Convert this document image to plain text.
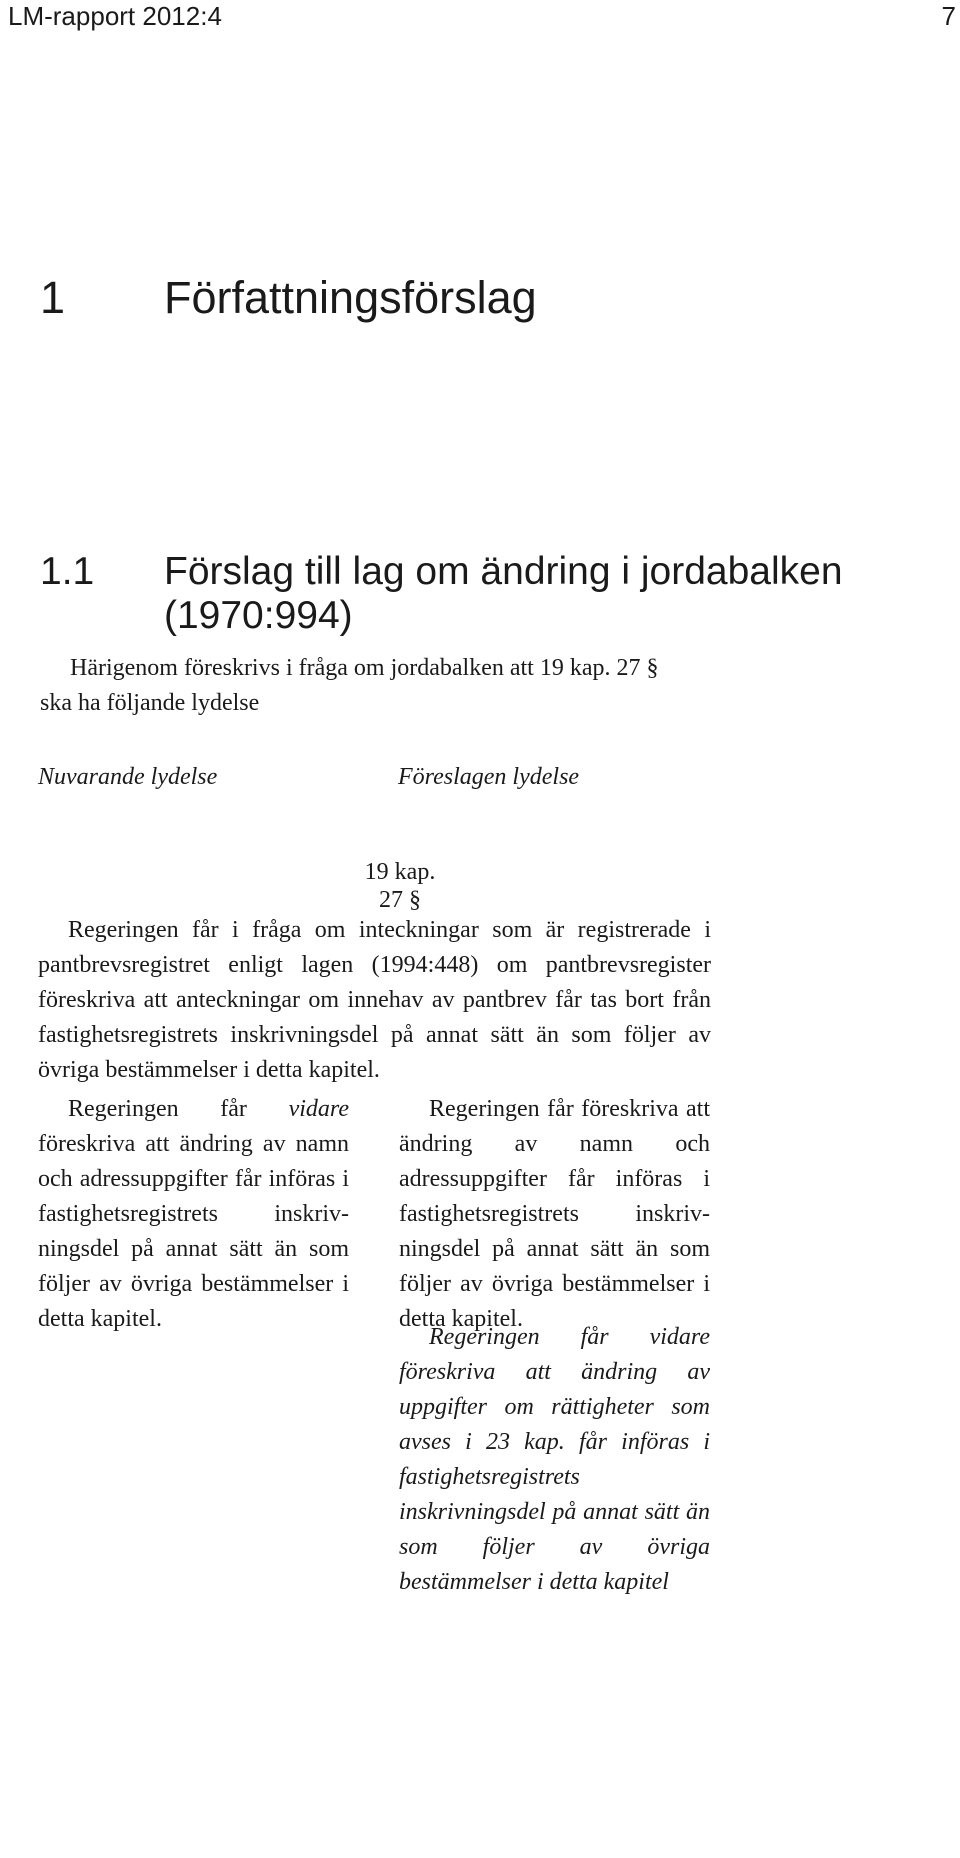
LM-rapport 2012:4	7
1 Författningsförslag
1.1 Förslag till lag om ändring i jordabalken
(1970:994)
Härigenom föreskrivs i fråga om jordabalken att 19 kap. 27 §
ska ha följande lydelse
Nuvarande lydelse	Föreslagen lydelse
19 kap.
27 §
Regeringen får i fråga om inteckningar som är registrerade i pantbrevsregistret enligt lagen (1994:448) om pantbrevsregister föreskriva att anteckningar om innehav av pantbrev får tas bort från fastighetsregistrets inskrivningsdel på annat sätt än som följer av övriga bestämmelser i detta kapitel.
Regeringen får vidare föreskriva att ändring av namn och adressuppgifter får införas i fastighetsregistrets inskrivningsdel på annat sätt än som följer av övriga bestämmelser i detta kapitel.
Regeringen får föreskriva att ändring av namn och adressuppgifter får införas i fastighetsregistrets inskrivningsdel på annat sätt än som följer av övriga bestämmelser i detta kapitel.
Regeringen får vidare föreskriva att ändring av uppgifter om rättigheter som avses i 23 kap. får införas i fastighetsregistrets inskrivningsdel på annat sätt än som följer av övriga bestämmelser i detta kapitel
